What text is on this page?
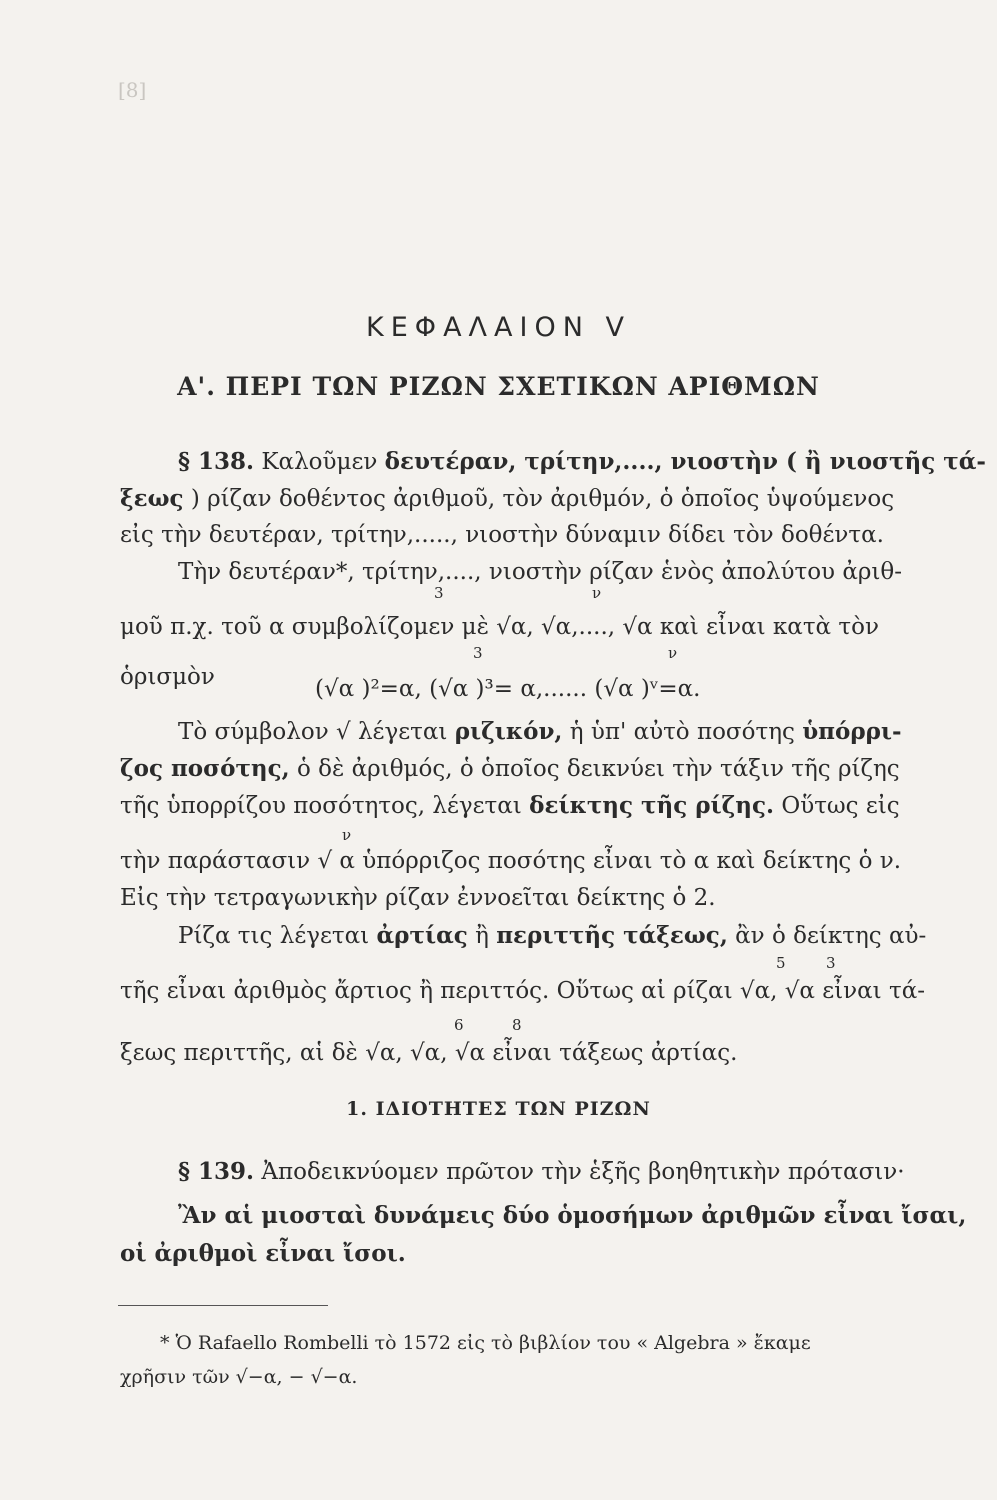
[8]
ΚΕΦΑΛΑΙΟΝ V
Α'. ΠΕΡΙ ΤΩΝ ΡΙΖΩΝ ΣΧΕΤΙΚΩΝ ΑΡΙΘΜΩΝ
§ 138. Καλοῦμεν δευτέραν, τρίτην,...., νιοστὴν ( ἢ νιοστῆς τά-
ξεως ) ρίζαν δοθέντος ἀριθμοῦ, τὸν ἀριθμόν, ὁ ὁποῖος ὑψούμενος
εἰς τὴν δευτέραν, τρίτην,....., νιοστὴν δύναμιν δίδει τὸν δοθέντα.
Τὴν δευτέραν*, τρίτην,...., νιοστὴν ρίζαν ἑνὸς ἀπολύτου ἀριθ-
3	ν
μοῦ π.χ. τοῦ α συμβολίζομεν μὲ √α, √α,...., √α καὶ εἶναι κατὰ τὸν
3	ν
ὁρισμὸν	(√α )²=α, (√α )³= α,...... (√α )ᵛ=α.
Τὸ σύμβολον √ λέγεται ριζικόν, ἡ ὑπ' αὐτὸ ποσότης ὑπόρρι-
ζος ποσότης, ὁ δὲ ἀριθμός, ὁ ὁποῖος δεικνύει τὴν τάξιν τῆς ρίζης
τῆς ὑπορρίζου ποσότητος, λέγεται δείκτης τῆς ρίζης. Οὕτως εἰς
ν
τὴν παράστασιν √ α ὑπόρριζος ποσότης εἶναι τὸ α καὶ δείκτης ὁ ν.
Εἰς τὴν τετραγωνικὴν ρίζαν ἐννοεῖται δείκτης ὁ 2.
Ρίζα τις λέγεται ἀρτίας ἢ περιττῆς τάξεως, ἂν ὁ δείκτης αὐ-
5	3
τῆς εἶναι ἀριθμὸς ἄρτιος ἢ περιττός. Οὕτως αἱ ρίζαι √α, √α εἶναι τά-
6	8
ξεως περιττῆς, αἱ δὲ √α, √α, √α εἶναι τάξεως ἀρτίας.
1. ΙΔΙΟΤΗΤΕΣ ΤΩΝ ΡΙΖΩΝ
§ 139. Ἀποδεικνύομεν πρῶτον τὴν ἑξῆς βοηθητικὴν πρότασιν·
Ἂν αἱ μιοσταὶ δυνάμεις δύο ὁμοσήμων ἀριθμῶν εἶναι ἴσαι,
οἱ ἀριθμοὶ εἶναι ἴσοι.
* Ὁ Rafaello Rombelli τὸ 1572 εἰς τὸ βιβλίον του « Algebra » ἔκαμε
χρῆσιν τῶν √−α, − √−α.
